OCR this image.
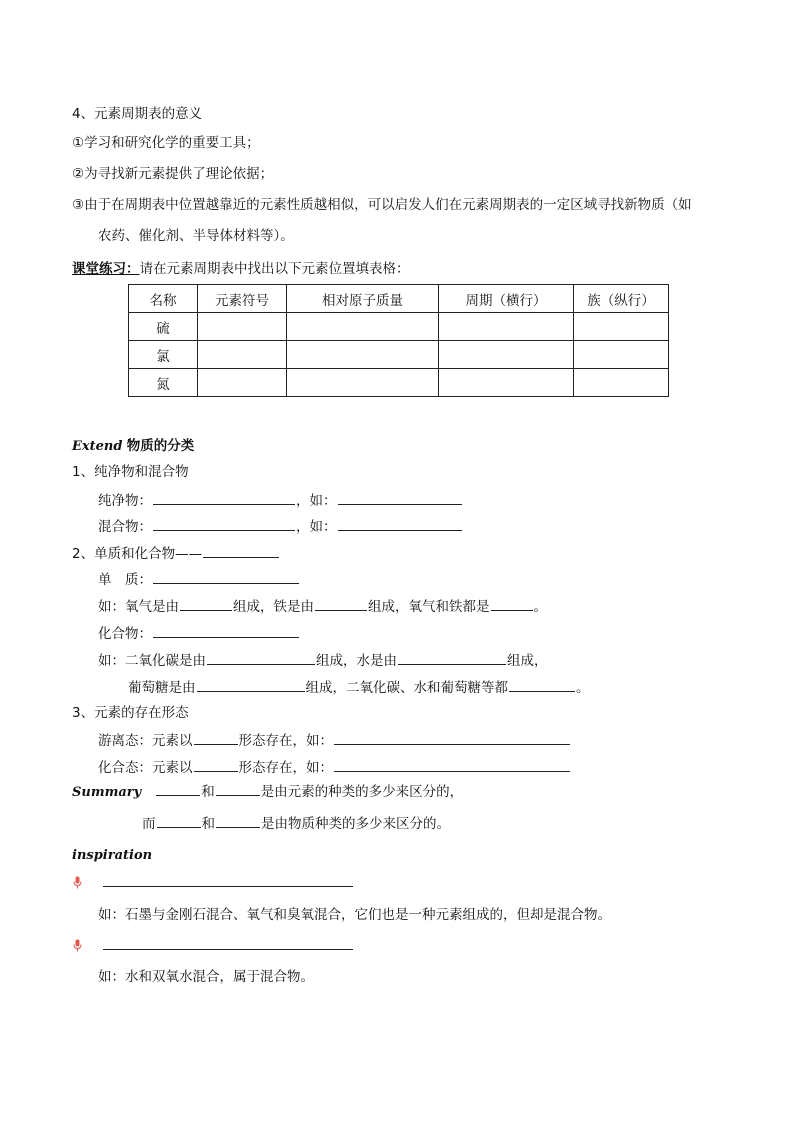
4、元素周期表的意义
①学习和研究化学的重要工具；
②为寻找新元素提供了理论依据；
③由于在周期表中位置越靠近的元素性质越相似，可以启发人们在元素周期表的一定区域寻找新物质（如
农药、催化剂、半导体材料等）。
课堂练习：请在元素周期表中找出以下元素位置填表格：
名称	元素符号	相对原子质量	周期（横行）	族（纵行）
硫				
氯				
氮				
Extend 物质的分类
1、纯净物和混合物
纯净物：	，如：
混合物：	，如：
2、单质和化合物——
单　质：
如：氧气是由	组成，铁是由	组成，氧气和铁都是	。
化合物：
如：二氧化碳是由	组成，水是由	组成，
葡萄糖是由	组成，二氧化碳、水和葡萄糖等都	。
3、元素的存在形态
游离态：元素以	形态存在，如：
化合态：元素以	形态存在，如：
Summary	和	是由元素的种类的多少来区分的，
而	和	是由物质种类的多少来区分的。
inspiration
如：石墨与金刚石混合、氧气和臭氧混合，它们也是一种元素组成的，但却是混合物。
如：水和双氧水混合，属于混合物。
